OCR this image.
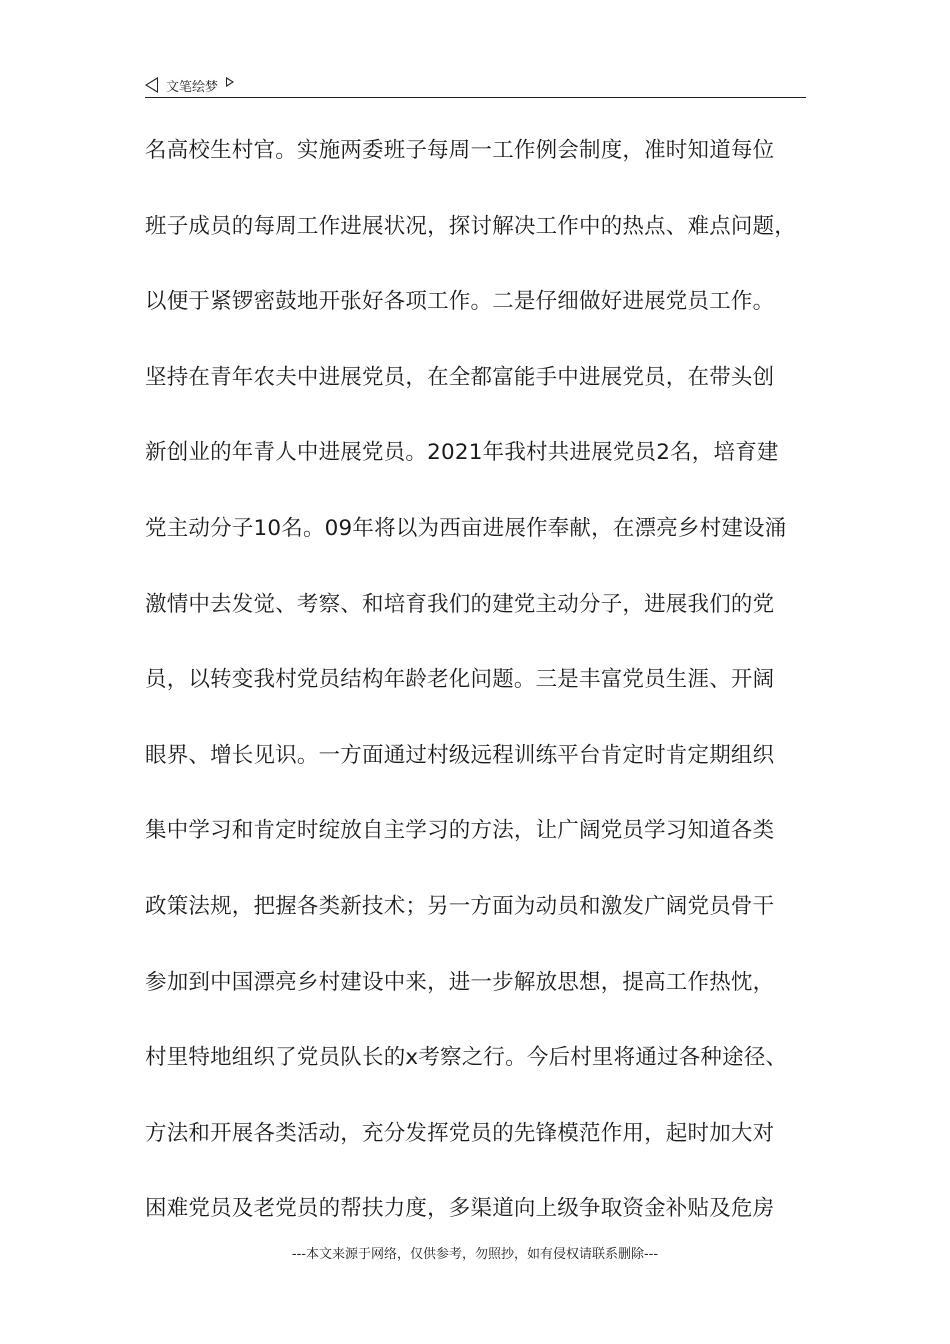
文笔绘梦
名高校生村官。实施两委班子每周一工作例会制度，准时知道每位
班子成员的每周工作进展状况，探讨解决工作中的热点、难点问题，
以便于紧锣密鼓地开张好各项工作。二是仔细做好进展党员工作。
坚持在青年农夫中进展党员，在全都富能手中进展党员，在带头创
新创业的年青人中进展党员。2021年我村共进展党员2名，培育建
党主动分子10名。09年将以为西亩进展作奉献，在漂亮乡村建设涌
激情中去发觉、考察、和培育我们的建党主动分子，进展我们的党
员，以转变我村党员结构年龄老化问题。三是丰富党员生涯、开阔
眼界、增长见识。一方面通过村级远程训练平台肯定时肯定期组织
集中学习和肯定时绽放自主学习的方法，让广阔党员学习知道各类
政策法规，把握各类新技术；另一方面为动员和激发广阔党员骨干
参加到中国漂亮乡村建设中来，进一步解放思想，提高工作热忱，
村里特地组织了党员队长的x考察之行。今后村里将通过各种途径、
方法和开展各类活动，充分发挥党员的先锋模范作用，起时加大对
困难党员及老党员的帮扶力度，多渠道向上级争取资金补贴及危房
---本文来源于网络，仅供参考，勿照抄，如有侵权请联系删除---
